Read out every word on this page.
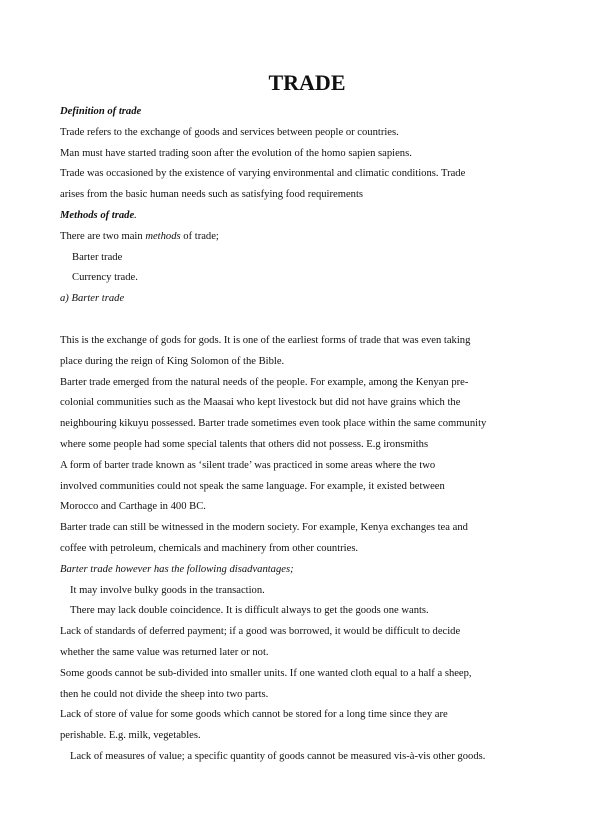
TRADE

Definition of trade

Trade refers to the exchange of goods and services between people or countries.

Man must have started trading soon after the evolution of the homo sapien sapiens.

Trade was occasioned by the existence of varying environmental and climatic conditions. Trade

arises from the basic human needs such as satisfying food requirements

Methods of trade.

There are two main methods of trade;

Barter trade

Currency trade.

a) Barter trade

This is the exchange of gods for gods. It is one of the earliest forms of trade that was even taking

place during the reign of King Solomon of the Bible.

Barter trade emerged from the natural needs of the people. For example, among the Kenyan pre-

colonial communities such as the Maasai who kept livestock but did not have grains which the

neighbouring kikuyu possessed. Barter trade sometimes even took place within the same community

where some people had some special talents that others did not possess. E.g ironsmiths

A form of barter trade known as ‘silent trade’ was practiced in some areas where the two

involved communities could not speak the same language. For example, it existed between

Morocco and Carthage in 400 BC.

Barter trade can still be witnessed in the modern society. For example, Kenya exchanges tea and

coffee with petroleum, chemicals and machinery from other countries.

Barter trade however has the following disadvantages;

It may involve bulky goods in the transaction.

There may lack double coincidence. It is difficult always to get the goods one wants.

Lack of standards of deferred payment; if a good was borrowed, it would be difficult to decide

whether the same value was returned later or not.

Some goods cannot be sub-divided into smaller units. If one wanted cloth equal to a half a sheep,

then he could not divide the sheep into two parts.

Lack of store of value for some goods which cannot be stored for a long time since they are

perishable. E.g. milk, vegetables.

Lack of measures of value; a specific quantity of goods cannot be measured vis-à-vis other goods.
